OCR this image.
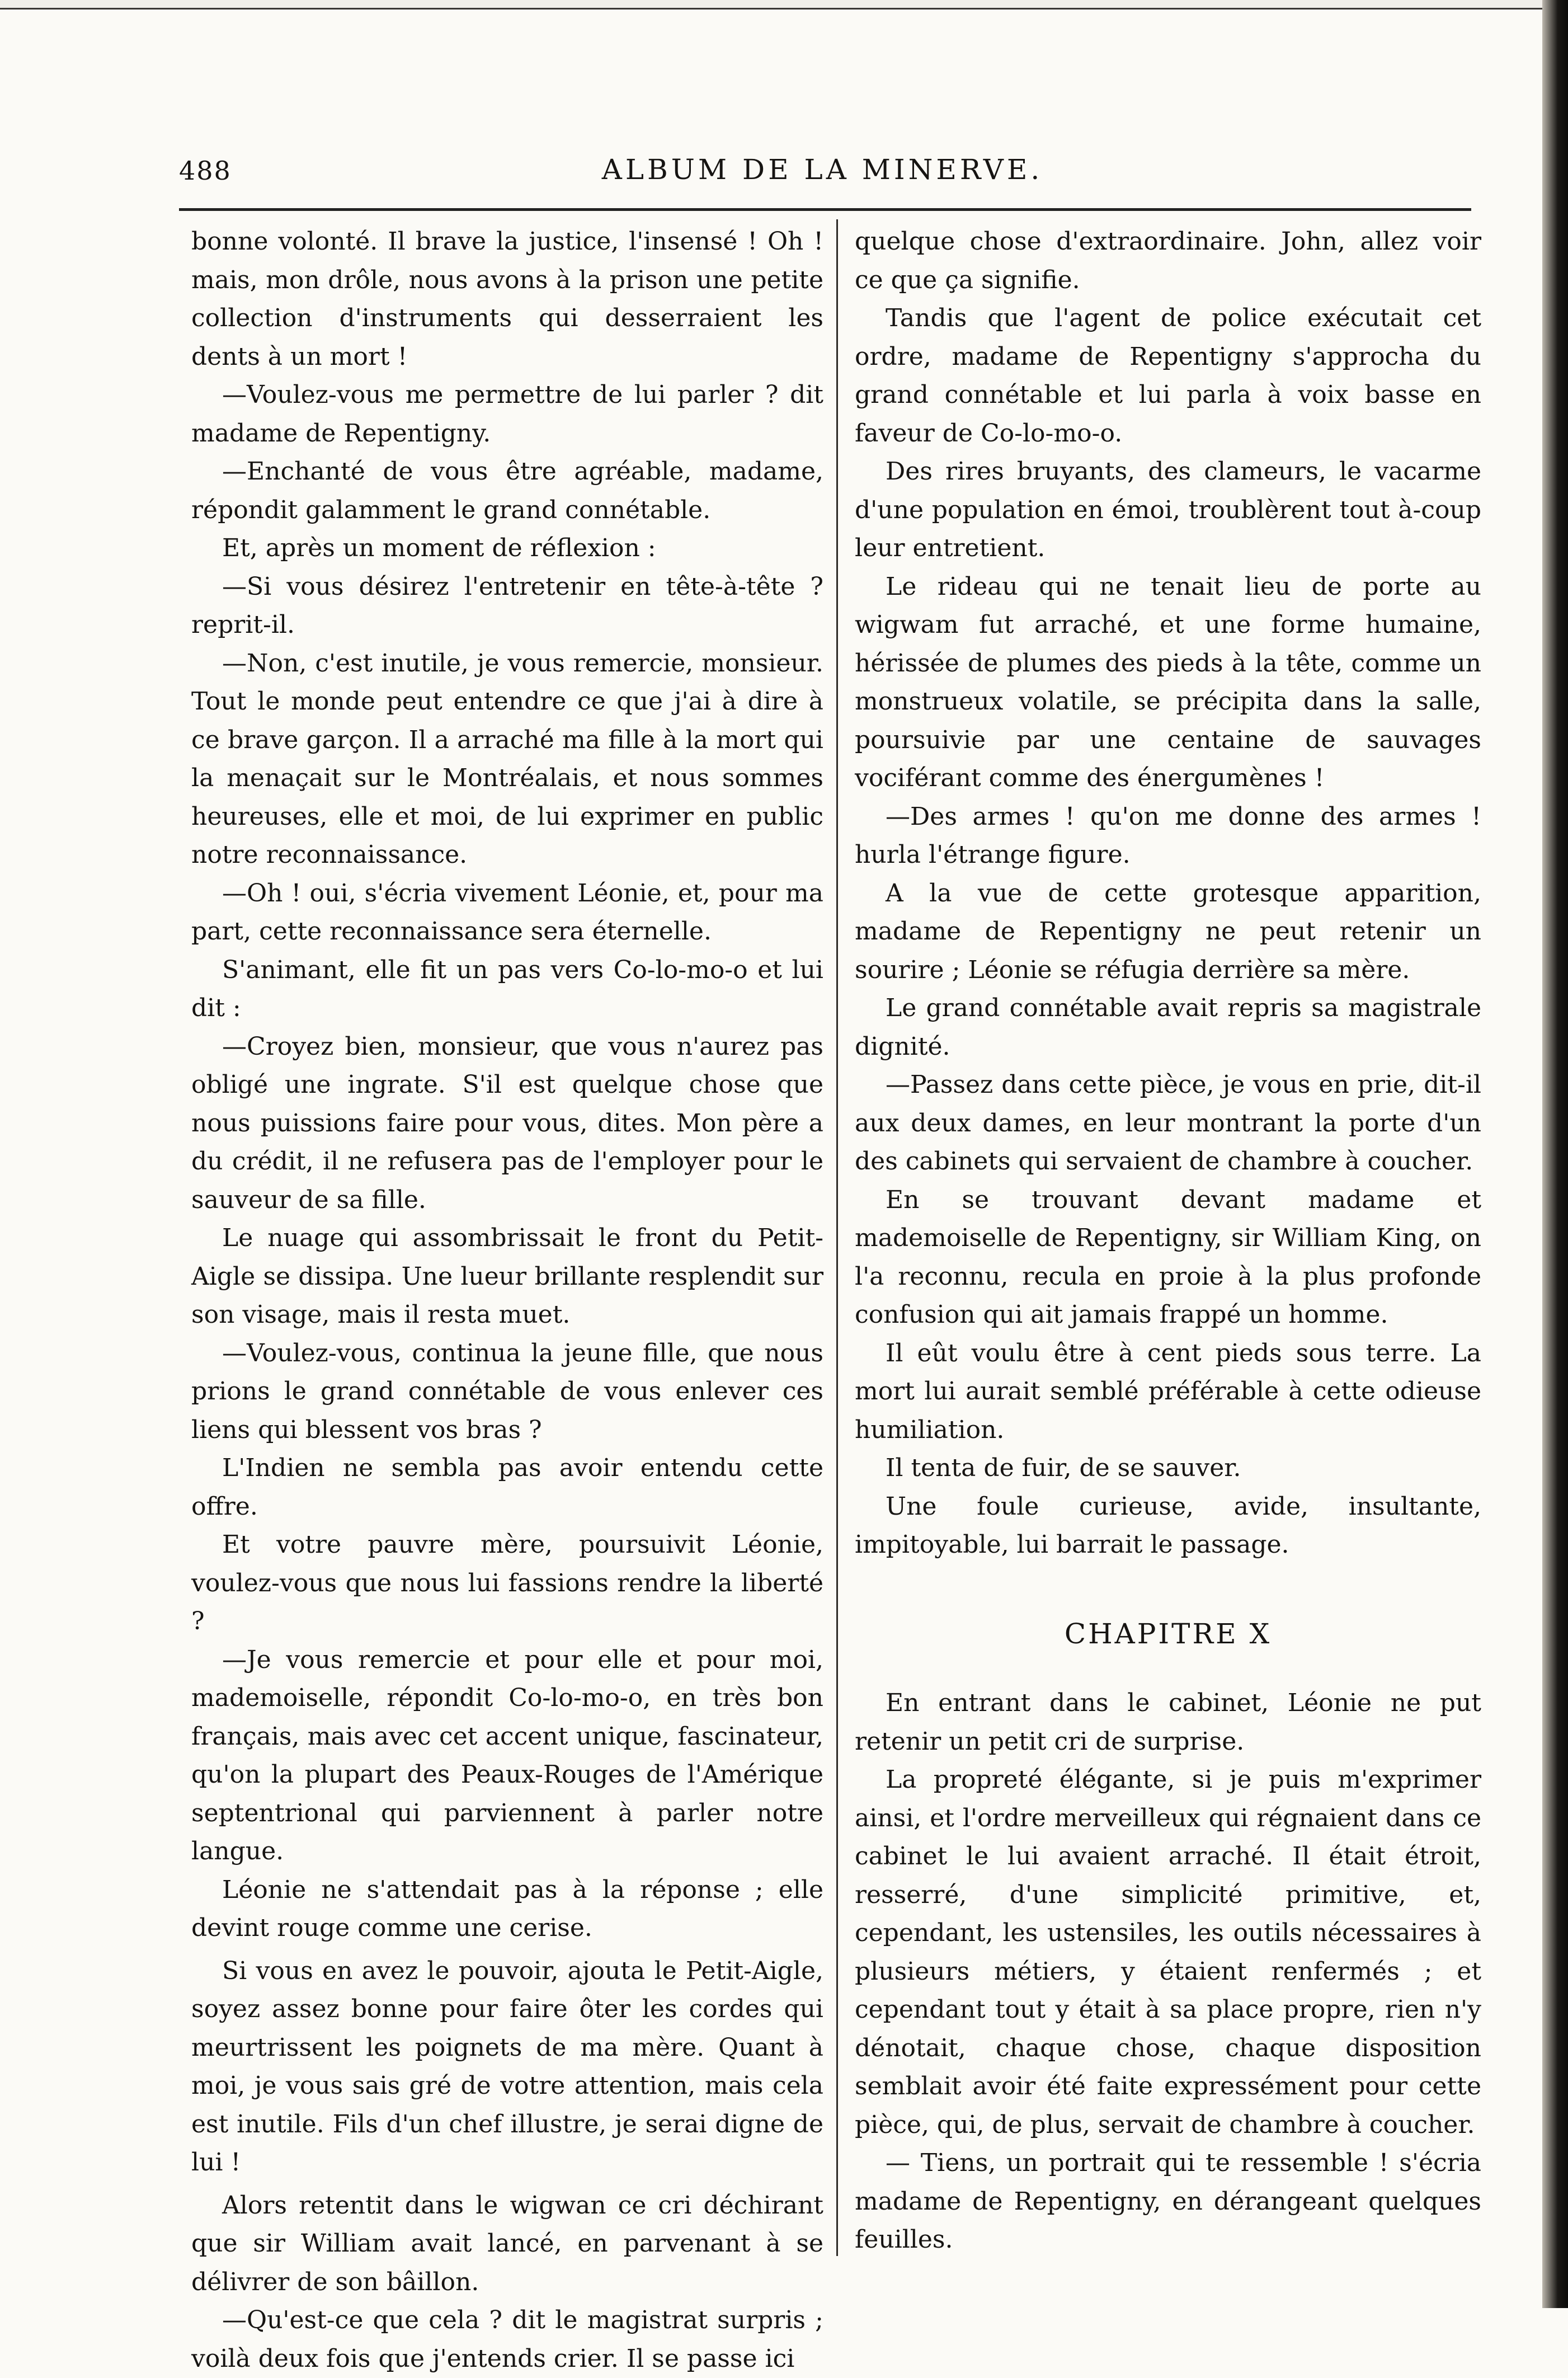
488	ALBUM DE LA MINERVE.

bonne volonté. Il brave la justice, l'insensé ! Oh ! mais, mon drôle, nous avons à la prison une petite collection d'instruments qui desserraient les dents à un mort !

—Voulez-vous me permettre de lui parler ? dit madame de Repentigny.

—Enchanté de vous être agréable, madame, répondit galamment le grand connétable.

Et, après un moment de réflexion :

—Si vous désirez l'entretenir en tête-à-tête ? reprit-il.

—Non, c'est inutile, je vous remercie, monsieur. Tout le monde peut entendre ce que j'ai à dire à ce brave garçon. Il a arraché ma fille à la mort qui la menaçait sur le Montréalais, et nous sommes heureuses, elle et moi, de lui exprimer en public notre reconnaissance.

—Oh ! oui, s'écria vivement Léonie, et, pour ma part, cette reconnaissance sera éternelle.

S'animant, elle fit un pas vers Co-lo-mo-o et lui dit :

—Croyez bien, monsieur, que vous n'aurez pas obligé une ingrate. S'il est quelque chose que nous puissions faire pour vous, dites. Mon père a du crédit, il ne refusera pas de l'employer pour le sauveur de sa fille.

Le nuage qui assombrissait le front du Petit-Aigle se dissipa. Une lueur brillante resplendit sur son visage, mais il resta muet.

—Voulez-vous, continua la jeune fille, que nous prions le grand connétable de vous enlever ces liens qui blessent vos bras ?

L'Indien ne sembla pas avoir entendu cette offre.

Et votre pauvre mère, poursuivit Léonie, voulez-vous que nous lui fassions rendre la liberté ?

—Je vous remercie et pour elle et pour moi, mademoiselle, répondit Co-lo-mo-o, en très bon français, mais avec cet accent unique, fascinateur, qu'on la plupart des Peaux-Rouges de l'Amérique septentrional qui parviennent à parler notre langue.

Léonie ne s'attendait pas à la réponse ; elle devint rouge comme une cerise.

Si vous en avez le pouvoir, ajouta le Petit-Aigle, soyez assez bonne pour faire ôter les cordes qui meurtrissent les poignets de ma mère. Quant à moi, je vous sais gré de votre attention, mais cela est inutile. Fils d'un chef illustre, je serai digne de lui !

Alors retentit dans le wigwan ce cri déchirant que sir William avait lancé, en parvenant à se délivrer de son bâillon.

—Qu'est-ce que cela ? dit le magistrat surpris ; voilà deux fois que j'entends crier. Il se passe ici

quelque chose d'extraordinaire. John, allez voir ce que ça signifie.

Tandis que l'agent de police exécutait cet ordre, madame de Repentigny s'approcha du grand connétable et lui parla à voix basse en faveur de Co-lo-mo-o.

Des rires bruyants, des clameurs, le vacarme d'une population en émoi, troublèrent tout à-coup leur entretient.

Le rideau qui ne tenait lieu de porte au wigwam fut arraché, et une forme humaine, hérissée de plumes des pieds à la tête, comme un monstrueux volatile, se précipita dans la salle, poursuivie par une centaine de sauvages vociférant comme des énergumènes !

—Des armes ! qu'on me donne des armes ! hurla l'étrange figure.

A la vue de cette grotesque apparition, madame de Repentigny ne peut retenir un sourire ; Léonie se réfugia derrière sa mère.

Le grand connétable avait repris sa magistrale dignité.

—Passez dans cette pièce, je vous en prie, dit-il aux deux dames, en leur montrant la porte d'un des cabinets qui servaient de chambre à coucher.

En se trouvant devant madame et mademoiselle de Repentigny, sir William King, on l'a reconnu, recula en proie à la plus profonde confusion qui ait jamais frappé un homme.

Il eût voulu être à cent pieds sous terre. La mort lui aurait semblé préférable à cette odieuse humiliation.

Il tenta de fuir, de se sauver.

Une foule curieuse, avide, insultante, impitoyable, lui barrait le passage.

CHAPITRE X

En entrant dans le cabinet, Léonie ne put retenir un petit cri de surprise.

La propreté élégante, si je puis m'exprimer ainsi, et l'ordre merveilleux qui régnaient dans ce cabinet le lui avaient arraché. Il était étroit, resserré, d'une simplicité primitive, et, cependant, les ustensiles, les outils nécessaires à plusieurs métiers, y étaient renfermés ; et cependant tout y était à sa place propre, rien n'y dénotait, chaque chose, chaque disposition semblait avoir été faite expressément pour cette pièce, qui, de plus, servait de chambre à coucher.

— Tiens, un portrait qui te ressemble ! s'écria madame de Repentigny, en dérangeant quelques feuilles.
